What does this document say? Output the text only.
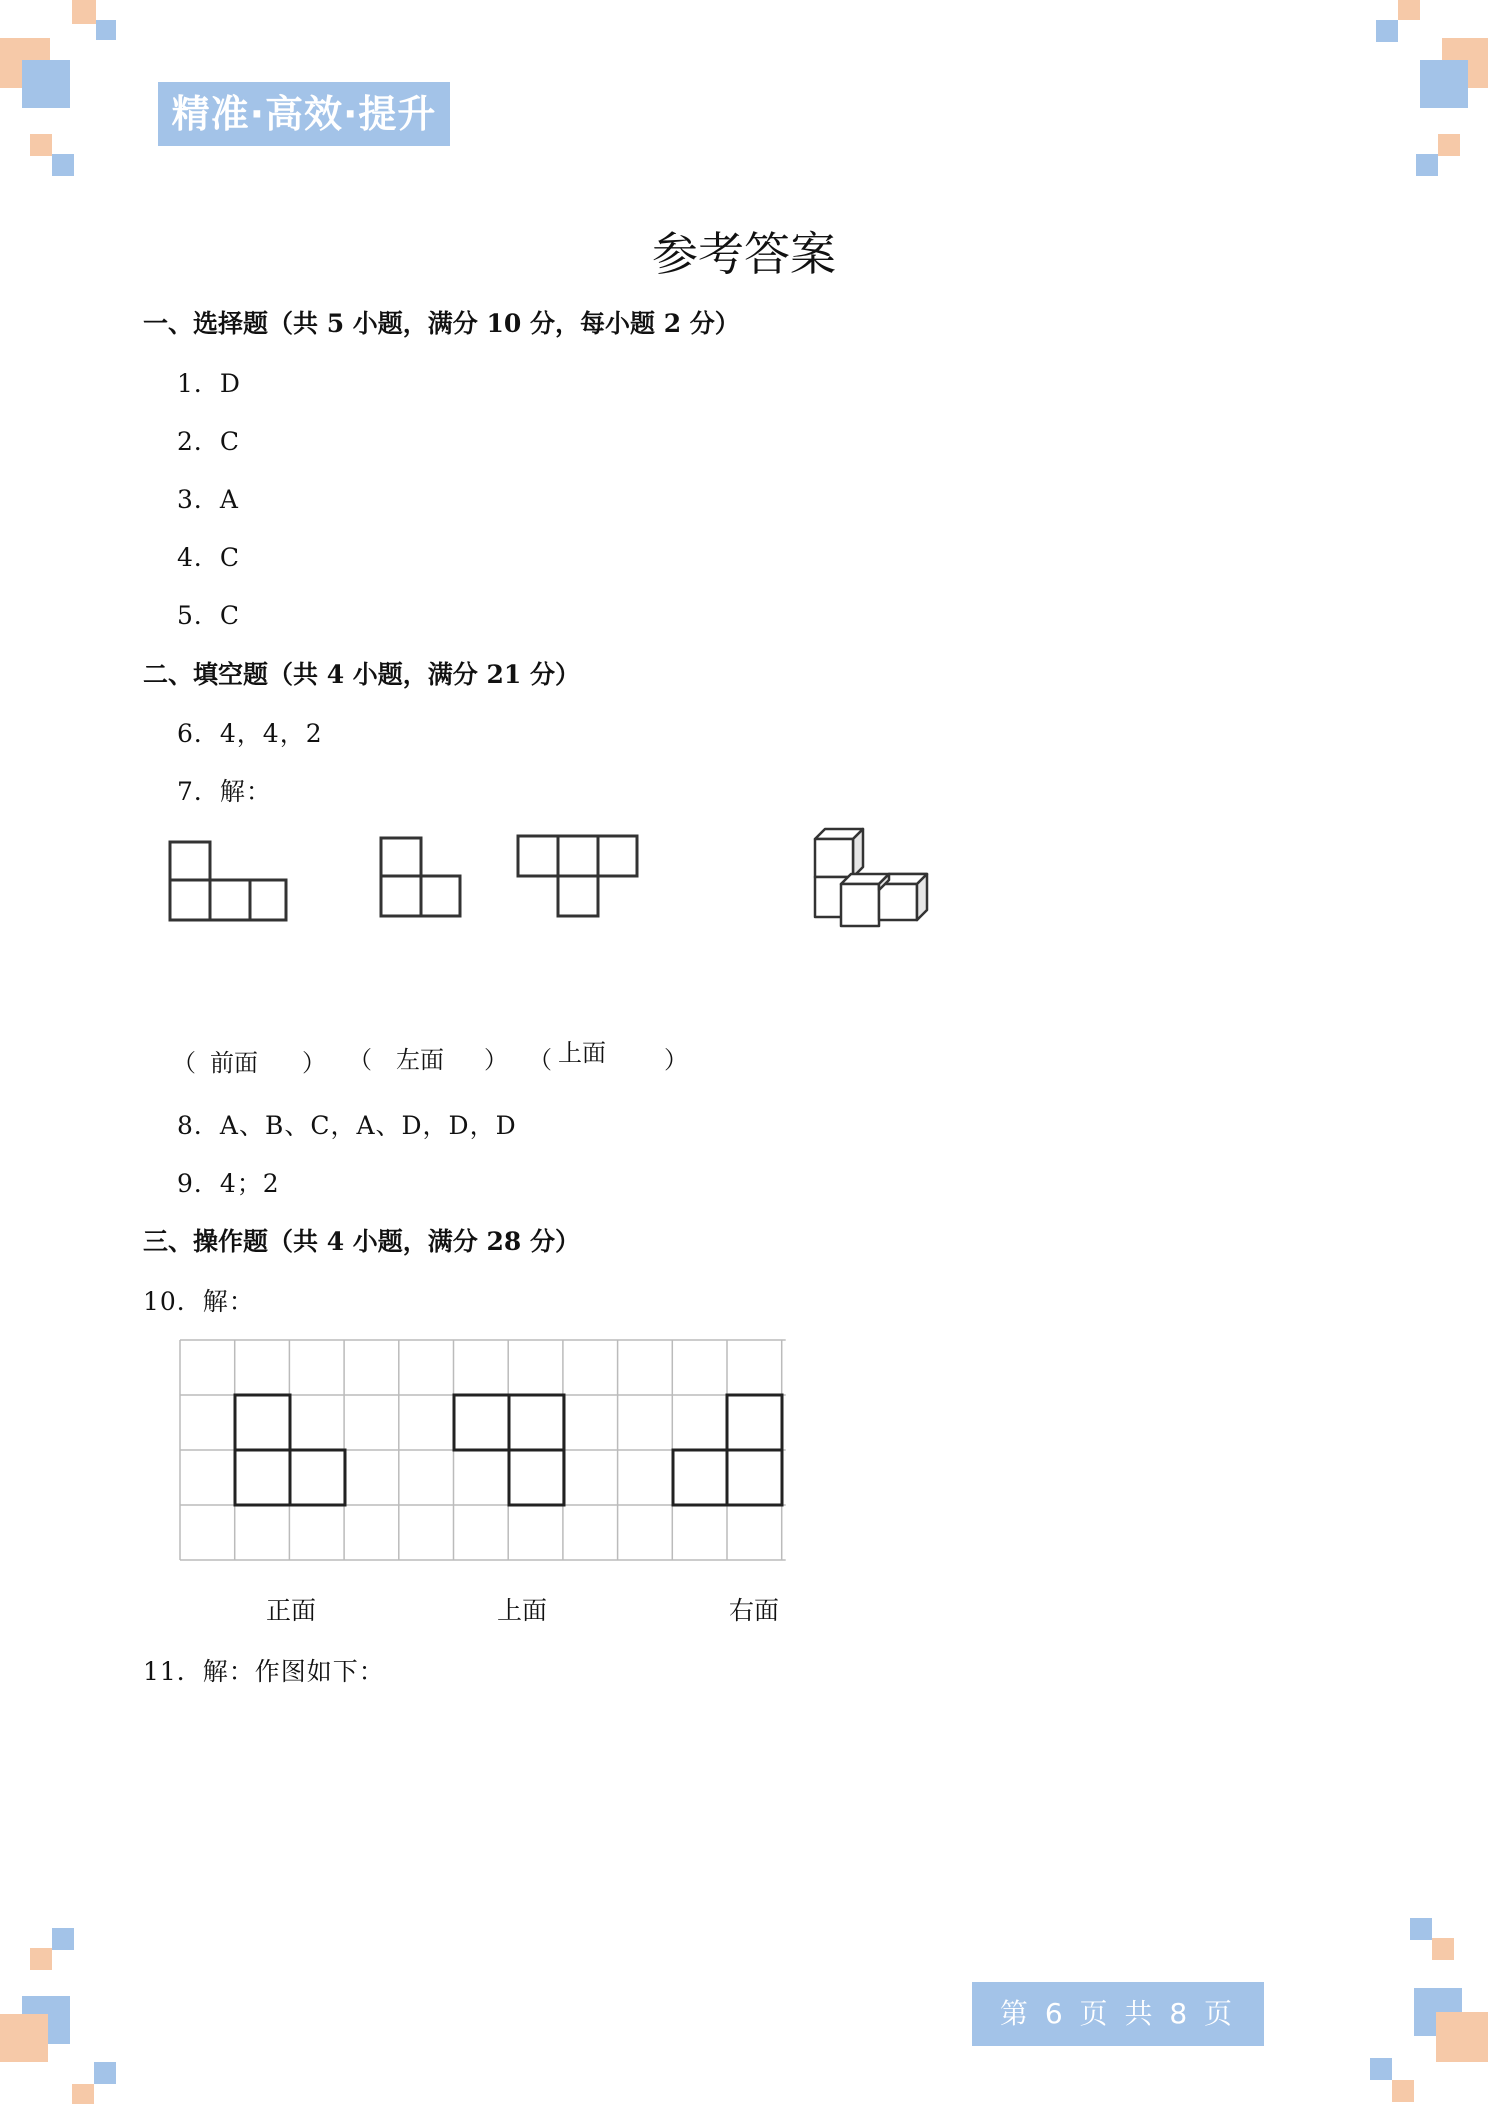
精准·高效·提升
参考答案
一、选择题（共 5 小题，满分 10 分，每小题 2 分）
1．D
2．C
3．A
4．C
5．C
二、填空题（共 4 小题，满分 21 分）
6．4，4，2
7．解：
（ 前面 ） （ 左面 ） （ 上面 ）
8．A、B、C，A、D，D，D
9．4；2
三、操作题（共 4 小题，满分 28 分）
10．解：
正面	上面	右面
11．解：作图如下：
第 6 页 共 8 页
